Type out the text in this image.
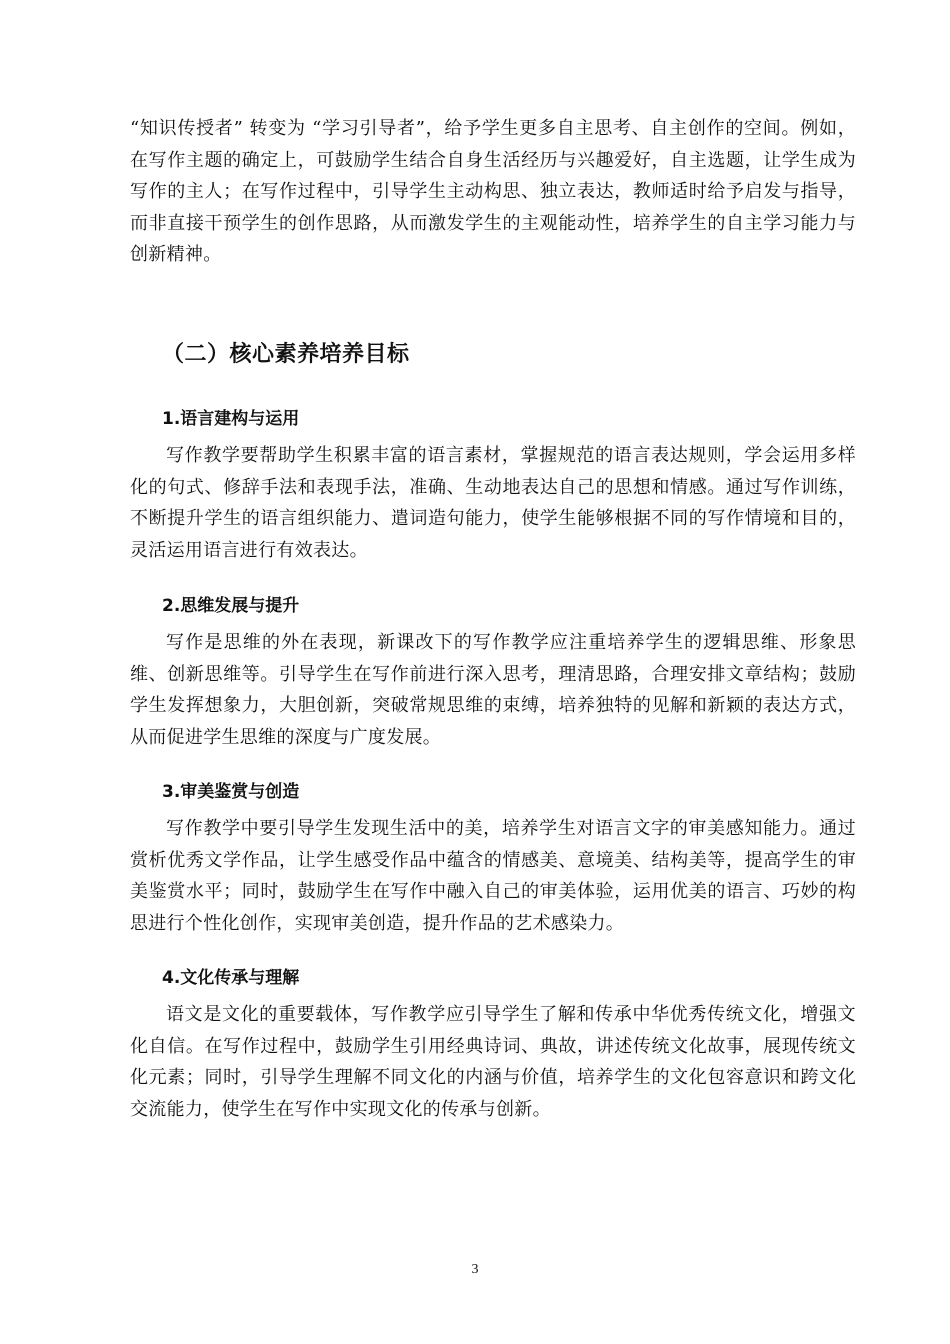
“知识传授者” 转变为 “学习引导者”，给予学生更多自主思考、自主创作的空间。例如，在写作主题的确定上，可鼓励学生结合自身生活经历与兴趣爱好，自主选题，让学生成为写作的主人；在写作过程中，引导学生主动构思、独立表达，教师适时给予启发与指导，而非直接干预学生的创作思路，从而激发学生的主观能动性，培养学生的自主学习能力与创新精神。

（二）核心素养培养目标
1.语言建构与运用

写作教学要帮助学生积累丰富的语言素材，掌握规范的语言表达规则，学会运用多样化的句式、修辞手法和表现手法，准确、生动地表达自己的思想和情感。通过写作训练，不断提升学生的语言组织能力、遣词造句能力，使学生能够根据不同的写作情境和目的，灵活运用语言进行有效表达。

2.思维发展与提升

写作是思维的外在表现，新课改下的写作教学应注重培养学生的逻辑思维、形象思维、创新思维等。引导学生在写作前进行深入思考，理清思路，合理安排文章结构；鼓励学生发挥想象力，大胆创新，突破常规思维的束缚，培养独特的见解和新颖的表达方式，从而促进学生思维的深度与广度发展。

3.审美鉴赏与创造

写作教学中要引导学生发现生活中的美，培养学生对语言文字的审美感知能力。通过赏析优秀文学作品，让学生感受作品中蕴含的情感美、意境美、结构美等，提高学生的审美鉴赏水平；同时，鼓励学生在写作中融入自己的审美体验，运用优美的语言、巧妙的构思进行个性化创作，实现审美创造，提升作品的艺术感染力。

4.文化传承与理解

语文是文化的重要载体，写作教学应引导学生了解和传承中华优秀传统文化，增强文化自信。在写作过程中，鼓励学生引用经典诗词、典故，讲述传统文化故事，展现传统文化元素；同时，引导学生理解不同文化的内涵与价值，培养学生的文化包容意识和跨文化交流能力，使学生在写作中实现文化的传承与创新。

3
